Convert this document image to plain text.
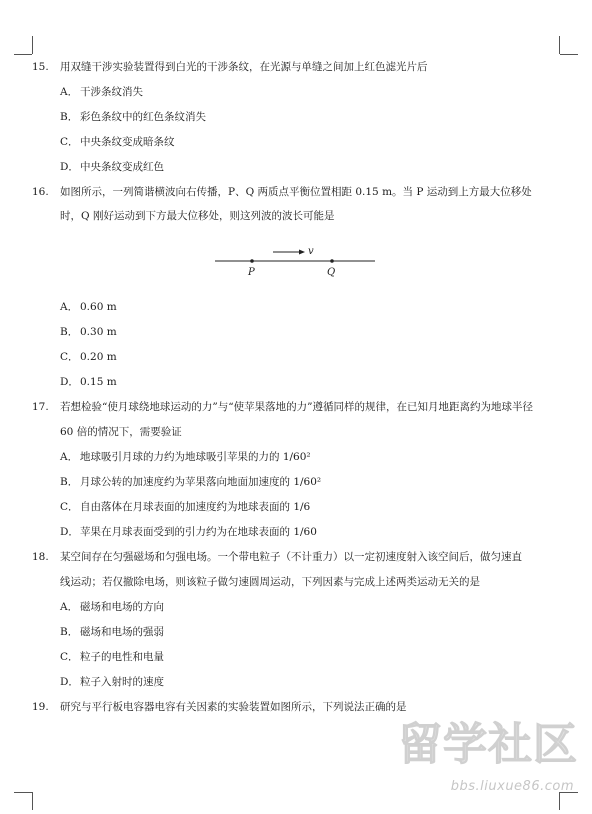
15. 用双缝干涉实验装置得到白光的干涉条纹，在光源与单缝之间加上红色滤光片后
A． 干涉条纹消失
B． 彩色条纹中的红色条纹消失
C．中央条纹变成暗条纹
D．中央条纹变成红色
16. 如图所示，一列简谐横波向右传播，P、Q 两质点平衡位置相距 0.15 m。当 P 运动到上方最大位移处
时，Q 刚好运动到下方最大位移处，则这列波的波长可能是
v
P	Q
A． 0.60 m
B． 0.30 m
C．0.20 m
D．0.15 m
17. 若想检验“使月球绕地球运动的力”与“使苹果落地的力”遵循同样的规律，在已知月地距离约为地球半径
60 倍的情况下，需要验证
A． 地球吸引月球的力约为地球吸引苹果的力的 1/60²
B． 月球公转的加速度约为苹果落向地面加速度的 1/60²
C．自由落体在月球表面的加速度约为地球表面的 1/6
D．苹果在月球表面受到的引力约为在地球表面的 1/60
18. 某空间存在匀强磁场和匀强电场。一个带电粒子（不计重力）以一定初速度射入该空间后，做匀速直
线运动；若仅撤除电场，则该粒子做匀速圆周运动，下列因素与完成上述两类运动无关的是
A． 磁场和电场的方向
B． 磁场和电场的强弱
C．粒子的电性和电量
D．粒子入射时的速度
19. 研究与平行板电容器电容有关因素的实验装置如图所示，下列说法正确的是
留学社区
bbs.liuxue86.com
